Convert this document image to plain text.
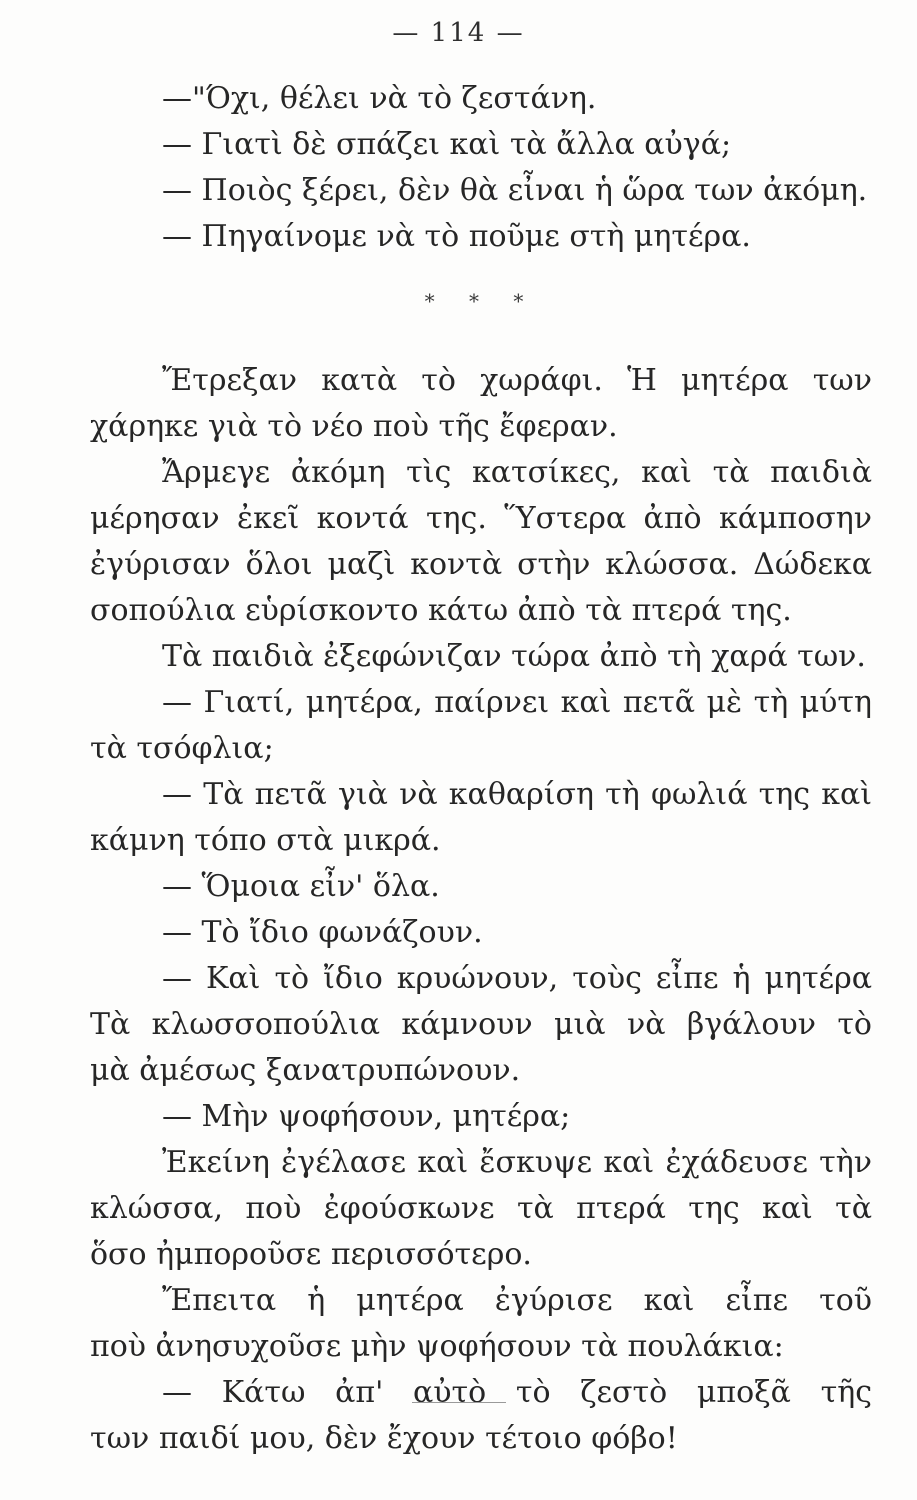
— 114 —
—"Όχι, θέλει νὰ τὸ ζεστάνη.
— Γιατὶ δὲ σπάζει καὶ τὰ ἄλλα αὐγά;
— Ποιὸς ξέρει, δὲν θὰ εἶναι ἡ ὥρα των ἀκόμη.
— Πηγαίνομε νὰ τὸ ποῦμε στὴ μητέρα.
* * *
Ἔτρεξαν κατὰ τὸ χωράφι. Ἡ μητέρα των
χάρηκε γιὰ τὸ νέο ποὺ τῆς ἔφεραν.
Ἄρμεγε ἀκόμη τὶς κατσίκες, καὶ τὰ παιδιὰ
μέρησαν ἐκεῖ κοντά της. Ὕστερα ἀπὸ κάμποσην
ἐγύρισαν ὅλοι μαζὶ κοντὰ στὴν κλώσσα. Δώδεκα
σοπούλια εὑρίσκοντο κάτω ἀπὸ τὰ πτερά της.
Τὰ παιδιὰ ἐξεφώνιζαν τώρα ἀπὸ τὴ χαρά των.
— Γιατί, μητέρα, παίρνει καὶ πετᾶ μὲ τὴ μύτη
τὰ τσόφλια;
— Τὰ πετᾶ γιὰ νὰ καθαρίση τὴ φωλιά της καὶ
κάμνη τόπο στὰ μικρά.
— Ὅμοια εἶν' ὅλα.
— Τὸ ἴδιο φωνάζουν.
— Καὶ τὸ ἴδιο κρυώνουν, τοὺς εἶπε ἡ μητέρα
Τὰ κλωσσοπούλια κάμνουν μιὰ νὰ βγάλουν τὸ
μὰ ἀμέσως ξανατρυπώνουν.
— Μὴν ψοφήσουν, μητέρα;
Ἐκείνη ἐγέλασε καὶ ἔσκυψε καὶ ἐχάδευσε τὴν
κλώσσα, ποὺ ἐφούσκωνε τὰ πτερά της καὶ τὰ
ὅσο ἠμποροῦσε περισσότερο.
Ἔπειτα ἡ μητέρα ἐγύρισε καὶ εἶπε τοῦ
ποὺ ἀνησυχοῦσε μὴν ψοφήσουν τὰ πουλάκια:
— Κάτω ἀπ' αὐτὸ τὸ ζεστὸ μποξᾶ τῆς
των παιδί μου, δὲν ἔχουν τέτοιο φόβο!
